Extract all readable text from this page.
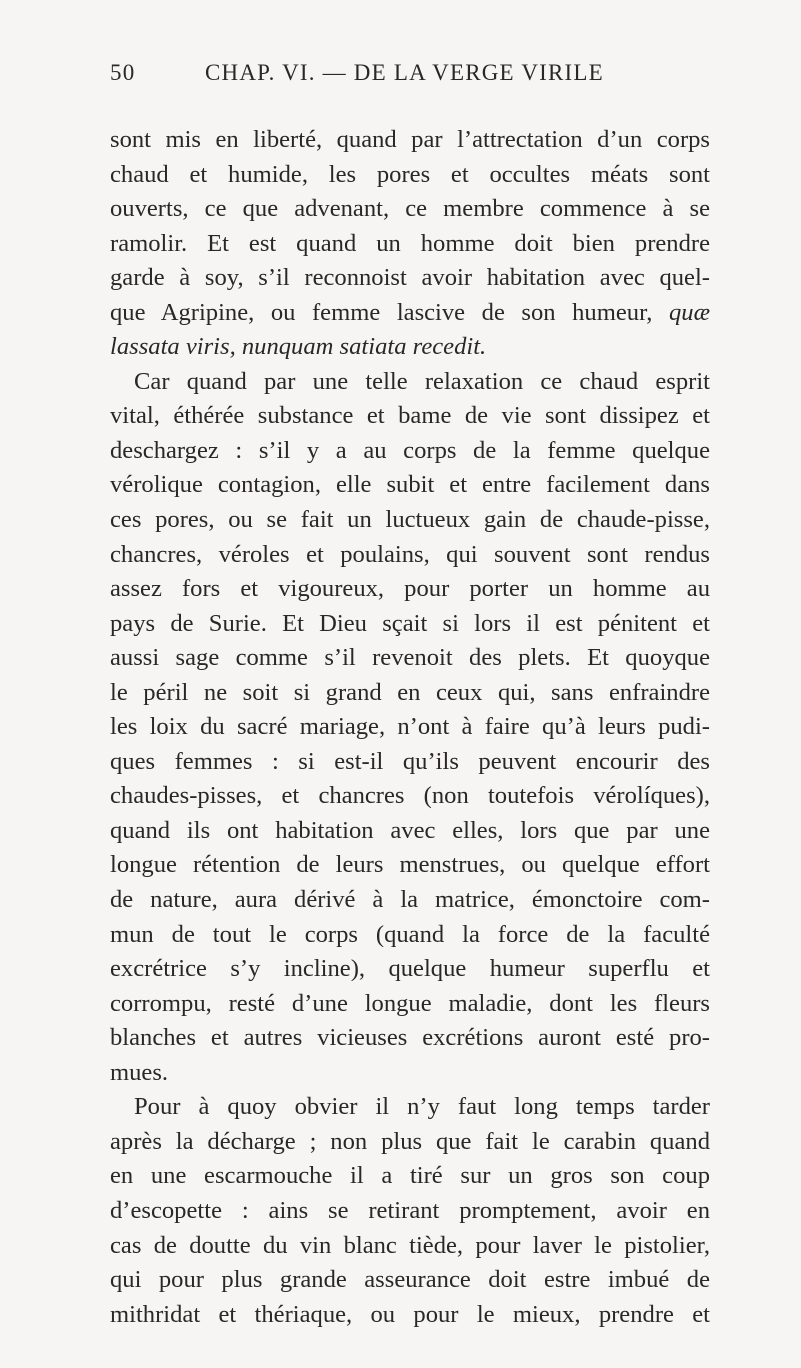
50	CHAP. VI. — DE LA VERGE VIRILE
sont mis en liberté, quand par l’attrectation d’un corps
chaud et humide, les pores et occultes méats sont
ouverts, ce que advenant, ce membre commence à se
ramolir. Et est quand un homme doit bien prendre
garde à soy, s’il reconnoist avoir habitation avec quel-
que Agripine, ou femme lascive de son humeur, quæ
lassata viris, nunquam satiata recedit.
Car quand par une telle relaxation ce chaud esprit
vital, éthérée substance et bame de vie sont dissipez et
deschargez : s’il y a au corps de la femme quelque
vérolique contagion, elle subit et entre facilement dans
ces pores, ou se fait un luctueux gain de chaude-pisse,
chancres, véroles et poulains, qui souvent sont rendus
assez fors et vigoureux, pour porter un homme au
pays de Surie. Et Dieu sçait si lors il est pénitent et
aussi sage comme s’il revenoit des plets. Et quoyque
le péril ne soit si grand en ceux qui, sans enfraindre
les loix du sacré mariage, n’ont à faire qu’à leurs pudi-
ques femmes : si est-il qu’ils peuvent encourir des
chaudes-pisses, et chancres (non toutefois vérolíques),
quand ils ont habitation avec elles, lors que par une
longue rétention de leurs menstrues, ou quelque effort
de nature, aura dérivé à la matrice, émonctoire com-
mun de tout le corps (quand la force de la faculté
excrétrice s’y incline), quelque humeur superflu et
corrompu, resté d’une longue maladie, dont les fleurs
blanches et autres vicieuses excrétions auront esté pro-
mues.
Pour à quoy obvier il n’y faut long temps tarder
après la décharge ; non plus que fait le carabin quand
en une escarmouche il a tiré sur un gros son coup
d’escopette : ains se retirant promptement, avoir en
cas de doutte du vin blanc tiède, pour laver le pistolier,
qui pour plus grande asseurance doit estre imbué de
mithridat et thériaque, ou pour le mieux, prendre et
